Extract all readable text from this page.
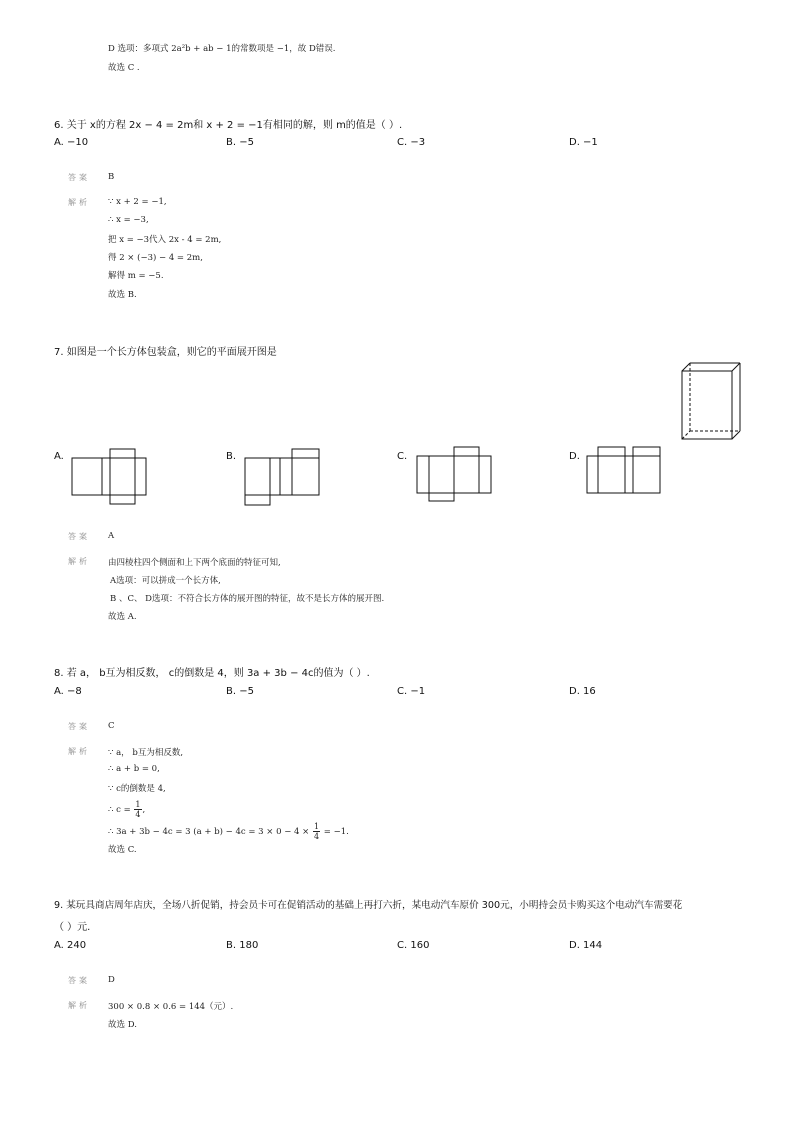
D 选项：多项式 2a²b + ab − 1的常数项是 −1，故 D错误.
故选 C .
6. 关于 x的方程 2x − 4 = 2m和 x + 2 = −1有相同的解，则 m的值是（ ）.
A. −10	B. −5	C. −3	D. −1
答案 B
解析 ∵ x + 2 = −1,
∴ x = −3,
把 x = −3代入 2x - 4 = 2m,
得 2 × (−3) − 4 = 2m,
解得 m = −5.
故选 B.
7. 如图是一个长方体包装盒，则它的平面展开图是
A.	B.	C.	D.
答案 A
解析 由四棱柱四个侧面和上下两个底面的特征可知,
A选项：可以拼成一个长方体,
B 、C、 D选项：不符合长方体的展开图的特征，故不是长方体的展开图.
故选 A.
8. 若 a， b互为相反数， c的倒数是 4，则 3a + 3b − 4c的值为（ ）.
A. −8	B. −5	C. −1	D. 16
答案 C
解析 ∵ a， b互为相反数,
∴ a + b = 0,
∵ c的倒数是 4,
∴ $c = \frac{1}{4}$ ,
∴ 3a + 3b − 4c = 3 $(a + b) - 4c = 3 \times 0 - 4 \times \frac{1}{4} = -1$.
故选 C.
9. 某玩具商店周年店庆，全场八折促销，持会员卡可在促销活动的基础上再打六折，某电动汽车原价 300元，小明持会员卡购买这个电动汽车需要花
（ ）元.
A. 240	B. 180	C. 160	D. 144
答案 D
解析 300 × 0.8 × 0.6 = 144（元）.
故选 D.
